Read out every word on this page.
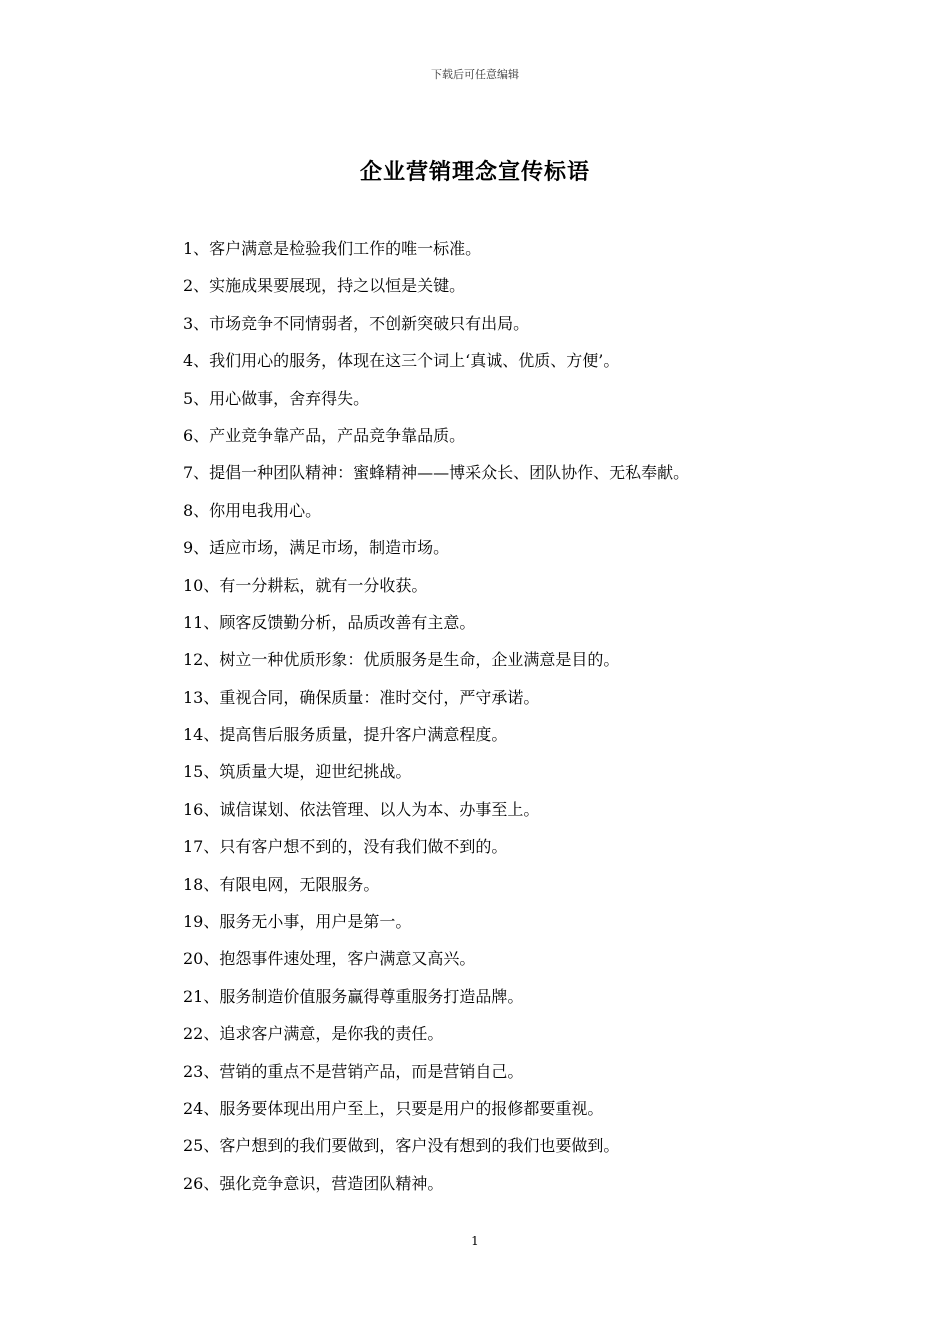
下载后可任意编辑
企业营销理念宣传标语
1、客户满意是检验我们工作的唯一标准。
2、实施成果要展现，持之以恒是关键。
3、市场竞争不同情弱者，不创新突破只有出局。
4、我们用心的服务，体现在这三个词上‘真诚、优质、方便’。
5、用心做事，舍弃得失。
6、产业竞争靠产品，产品竞争靠品质。
7、提倡一种团队精神：蜜蜂精神——博采众长、团队协作、无私奉献。
8、你用电我用心。
9、适应市场，满足市场，制造市场。
10、有一分耕耘，就有一分收获。
11、顾客反馈勤分析，品质改善有主意。
12、树立一种优质形象：优质服务是生命，企业满意是目的。
13、重视合同，确保质量：准时交付，严守承诺。
14、提高售后服务质量，提升客户满意程度。
15、筑质量大堤，迎世纪挑战。
16、诚信谋划、依法管理、以人为本、办事至上。
17、只有客户想不到的，没有我们做不到的。
18、有限电网，无限服务。
19、服务无小事，用户是第一。
20、抱怨事件速处理，客户满意又高兴。
21、服务制造价值服务赢得尊重服务打造品牌。
22、追求客户满意，是你我的责任。
23、营销的重点不是营销产品，而是营销自己。
24、服务要体现出用户至上，只要是用户的报修都要重视。
25、客户想到的我们要做到，客户没有想到的我们也要做到。
26、强化竞争意识，营造团队精神。
1
